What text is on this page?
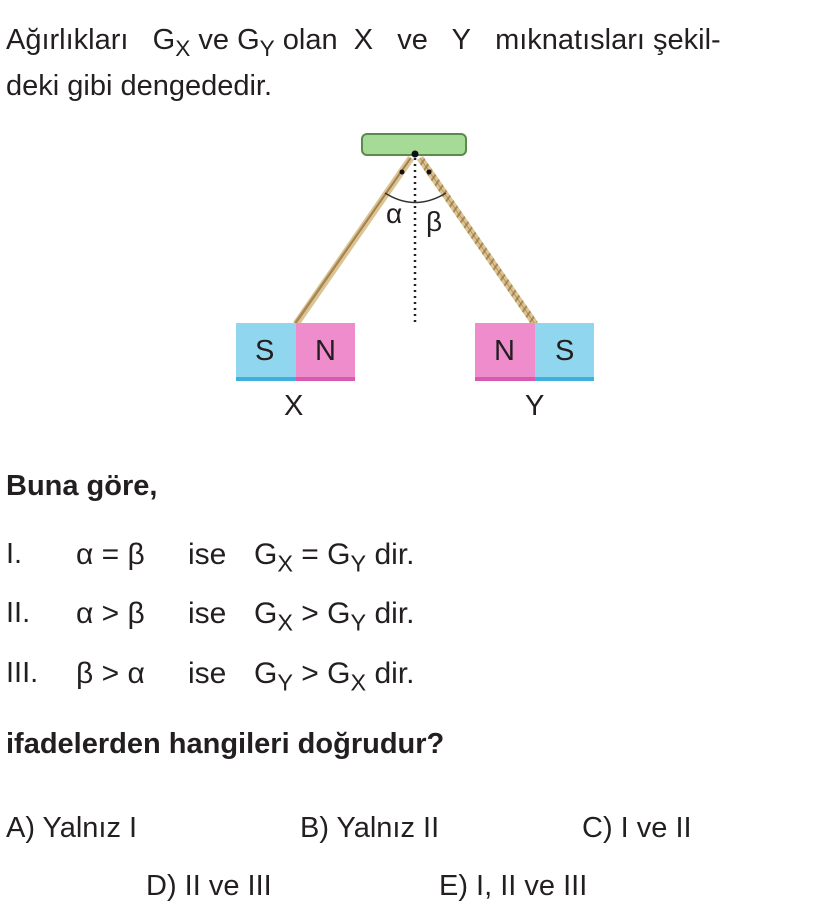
Ağırlıkları $G_X$ ve $G_Y$ olan X ve Y mıknatısları şekil-
deki gibi dengededir.
α β
S N
X
N S
Y
Buna göre,
I. α = β ise $G_X = G_Y$ dir.
II. α > β ise $G_X > G_Y$ dir.
III. β > α ise $G_Y > G_X$ dir.
ifadelerden hangileri doğrudur?
A) Yalnız I	B) Yalnız II	C) I ve II
D) II ve III	E) I, II ve III
